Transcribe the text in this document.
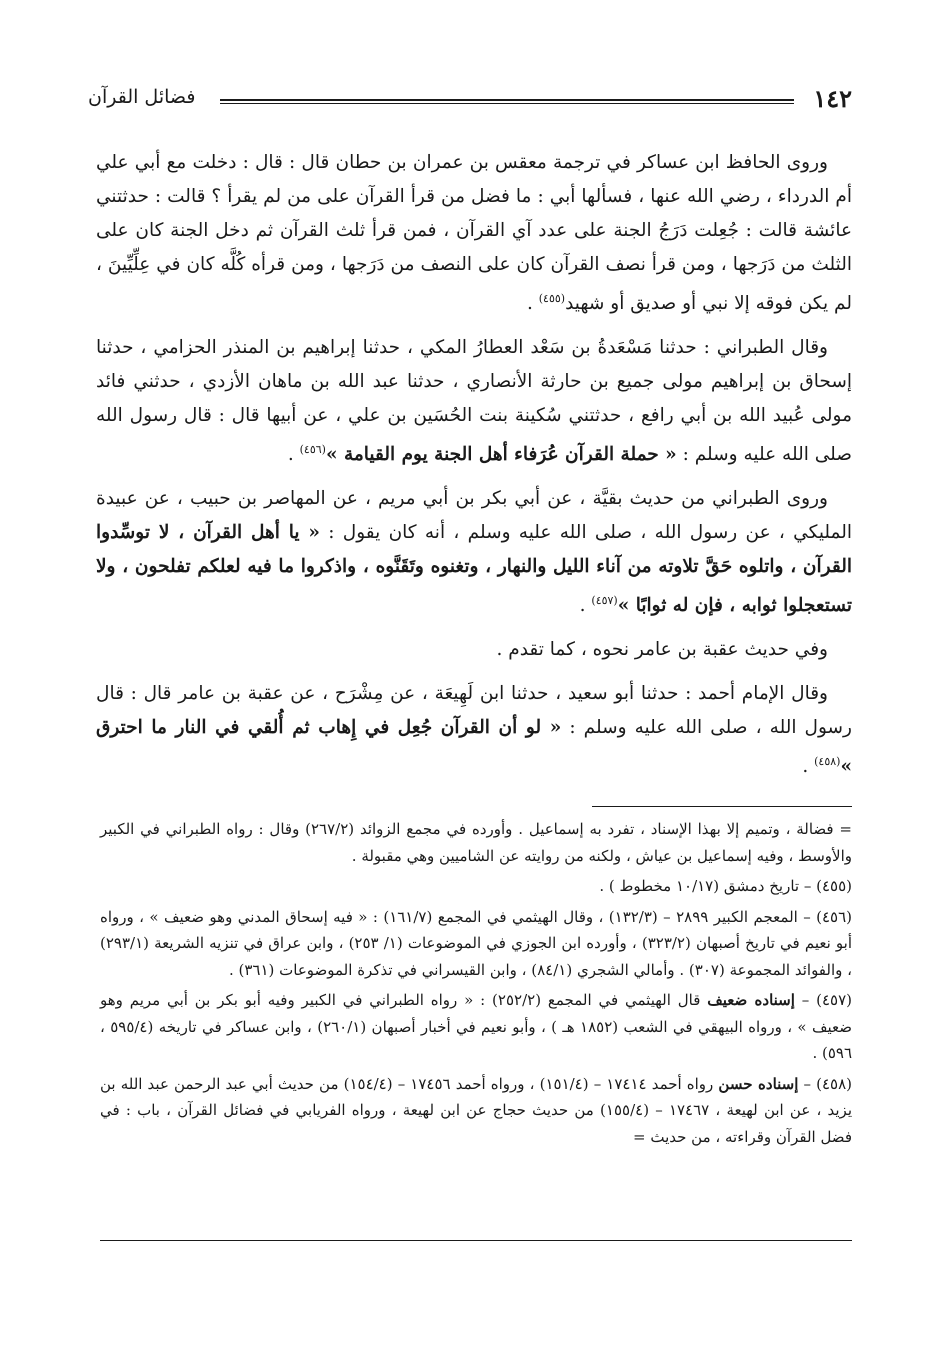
١٤٢
فضائل القرآن

وروى الحافظ ابن عساكر في ترجمة معقس بن عمران بن حطان قال : قال : دخلت مع أبي علي أم الدرداء ، رضي الله عنها ، فسألها أبي : ما فضل من قرأ القرآن على من لم يقرأ ؟ قالت : حدثتني عائشة قالت : جُعِلت دَرَجُ الجنة على عدد آي القرآن ، فمن قرأ ثلث القرآن ثم دخل الجنة كان على الثلث من دَرَجها ، ومن قرأ نصف القرآن كان على النصف من دَرَجها ، ومن قرأه كُلَّه كان في عِلِّيِّينَ ، لم يكن فوقه إلا نبي أو صديق أو شهيد$^{(٤٥٥)}$ .

وقال الطبراني : حدثنا مَسْعَدةُ بن سَعْد العطارُ المكي ، حدثنا إبراهيم بن المنذر الحزامي ، حدثنا إسحاق بن إبراهيم مولى جميع بن حارثة الأنصاري ، حدثنا عبد الله بن ماهان الأزدي ، حدثني فائد مولى عُبيد الله بن أبي رافع ، حدثتني سُكينة بنت الحُسَين بن علي ، عن أبيها قال : قال رسول الله صلى الله عليه وسلم : « حملة القرآن عُرَفاء أهل الجنة يوم القيامة »$^{(٤٥٦)}$ .

وروى الطبراني من حديث بقيَّة ، عن أبي بكر بن أبي مريم ، عن المهاصر بن حبيب ، عن عبيدة المليكي ، عن رسول الله ، صلى الله عليه وسلم ، أنه كان يقول : « يا أهل القرآن ، لا توسِّدوا القرآن ، واتلوه حَقَّ تلاوته من آناء الليل والنهار ، وتغنوه وتَقَنَّوه ، واذكروا ما فيه لعلكم تفلحون ، ولا تستعجلوا ثوابه ، فإن له ثوابًا »$^{(٤٥٧)}$ .

وفي حديث عقبة بن عامر نحوه ، كما تقدم .

وقال الإمام أحمد : حدثنا أبو سعيد ، حدثنا ابن لَهِيعَة ، عن مِشْرَح ، عن عقبة بن عامر قال : قال رسول الله ، صلى الله عليه وسلم : « لو أن القرآن جُعِل في إِهاب ثم أُلقي في النار ما احترق »$^{(٤٥٨)}$ .

= فضالة ، وتميم إلا بهذا الإسناد ، تفرد به إسماعيل . وأورده في مجمع الزوائد (٢٦٧/٢) وقال : رواه الطبراني في الكبير والأوسط ، وفيه إسماعيل بن عياش ، ولكنه من روايته عن الشاميين وهي مقبولة .

(٤٥٥) – تاريخ دمشق (١٠/١٧ مخطوط ) .

(٤٥٦) – المعجم الكبير ٢٨٩٩ – (١٣٢/٣) ، وقال الهيثمي في المجمع (١٦١/٧) : « فيه إسحاق المدني وهو ضعيف » ، ورواه أبو نعيم في تاريخ أصبهان (٣٢٣/٢) ، وأورده ابن الجوزي في الموضوعات (١/ ٢٥٣) ، وابن عراق في تنزيه الشريعة (٢٩٣/١) ، والفوائد المجموعة (٣٠٧) . وأمالي الشجري (٨٤/١) ، وابن القيسراني في تذكرة الموضوعات (٣٦١) .

(٤٥٧) – إسناده ضعيف قال الهيثمي في المجمع (٢٥٢/٢) : « رواه الطبراني في الكبير وفيه أبو بكر بن أبي مريم وهو ضعيف » ، ورواه البيهقي في الشعب (١٨٥٢ هـ ) ، وأبو نعيم في أخبار أصبهان (٢٦٠/١) ، وابن عساكر في تاريخه (٥٩٥/٤ ، ٥٩٦) .

(٤٥٨) – إسناده حسن رواه أحمد ١٧٤١٤ – (١٥١/٤) ، ورواه أحمد ١٧٤٥٦ – (١٥٤/٤) من حديث أبي عبد الرحمن عبد الله بن يزيد ، عن ابن لهيعة ، ١٧٤٦٧ – (١٥٥/٤) من حديث حجاج عن ابن لهيعة ، ورواه الفريابي في فضائل القرآن ، باب : في فضل القرآن وقراءته ، من حديث =
